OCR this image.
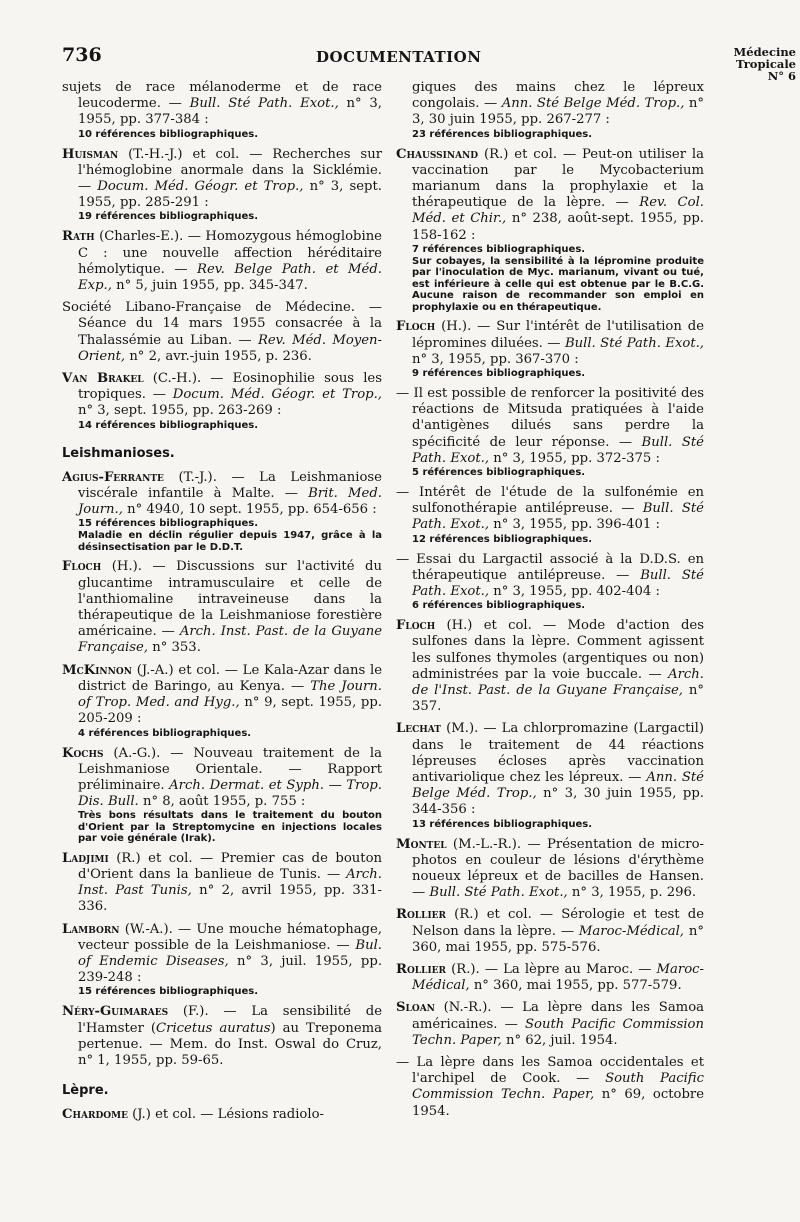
736	DOCUMENTATION	Médecine
Tropicale
N° 6

sujets de race mélanoderme et de race leucoderme. — Bull. Sté Path. Exot., n° 3, 1955, pp. 377-384 :
10 références bibliographiques.

Huisman (T.-H.-J.) et col. — Recherches sur l'hémoglobine anormale dans la Sicklémie. — Docum. Méd. Géogr. et Trop., n° 3, sept. 1955, pp. 285-291 :
19 références bibliographiques.

Rath (Charles-E.). — Homozygous hémoglobine C : une nouvelle affection héréditaire hémolytique. — Rev. Belge Path. et Méd. Exp., n° 5, juin 1955, pp. 345-347.

Société Libano-Française de Médecine. — Séance du 14 mars 1955 consacrée à la Thalassémie au Liban. — Rev. Méd. Moyen-Orient, n° 2, avr.-juin 1955, p. 236.

Van Brakel (C.-H.). — Eosinophilie sous les tropiques. — Docum. Méd. Géogr. et Trop., n° 3, sept. 1955, pp. 263-269 :
14 références bibliographiques.

Leishmanioses.

Agius-Ferrante (T.-J.). — La Leishmaniose viscérale infantile à Malte. — Brit. Med. Journ., n° 4940, 10 sept. 1955, pp. 654-656 :
15 références bibliographiques.
Maladie en déclin régulier depuis 1947, grâce à la désinsectisation par le D.D.T.

Floch (H.). — Discussions sur l'activité du glucantime intramusculaire et celle de l'anthiomaline intraveineuse dans la thérapeutique de la Leishmaniose forestière américaine. — Arch. Inst. Past. de la Guyane Française, n° 353.

McKinnon (J.-A.) et col. — Le Kala-Azar dans le district de Baringo, au Kenya. — The Journ. of Trop. Med. and Hyg., n° 9, sept. 1955, pp. 205-209 :
4 références bibliographiques.

Kochs (A.-G.). — Nouveau traitement de la Leishmaniose Orientale. — Rapport préliminaire. Arch. Dermat. et Syph. — Trop. Dis. Bull. n° 8, août 1955, p. 755 :
Très bons résultats dans le traitement du bouton d'Orient par la Streptomycine en injections locales par voie générale (Irak).

Ladjimi (R.) et col. — Premier cas de bouton d'Orient dans la banlieue de Tunis. — Arch. Inst. Past Tunis, n° 2, avril 1955, pp. 331-336.

Lamborn (W.-A.). — Une mouche hématophage, vecteur possible de la Leishmaniose. — Bul. of Endemic Diseases, n° 3, juil. 1955, pp. 239-248 :
15 références bibliographiques.

Néry-Guimaraes (F.). — La sensibilité de l'Hamster (Cricetus auratus) au Treponema pertenue. — Mem. do Inst. Oswal do Cruz, n° 1, 1955, pp. 59-65.

Lèpre.

Chardome (J.) et col. — Lésions radiolo-

giques des mains chez le lépreux congolais. — Ann. Sté Belge Méd. Trop., n° 3, 30 juin 1955, pp. 267-277 :
23 références bibliographiques.

Chaussinand (R.) et col. — Peut-on utiliser la vaccination par le Mycobacterium marianum dans la prophylaxie et la thérapeutique de la lèpre. — Rev. Col. Méd. et Chir., n° 238, août-sept. 1955, pp. 158-162 :
7 références bibliographiques.
Sur cobayes, la sensibilité à la lépromine produite par l'inoculation de Myc. marianum, vivant ou tué, est inférieure à celle qui est obtenue par le B.C.G. Aucune raison de recommander son emploi en prophylaxie ou en thérapeutique.

Floch (H.). — Sur l'intérêt de l'utilisation de lépromines diluées. — Bull. Sté Path. Exot., n° 3, 1955, pp. 367-370 :
9 références bibliographiques.

— Il est possible de renforcer la positivité des réactions de Mitsuda pratiquées à l'aide d'antigènes dilués sans perdre la spécificité de leur réponse. — Bull. Sté Path. Exot., n° 3, 1955, pp. 372-375 :
5 références bibliographiques.

— Intérêt de l'étude de la sulfonémie en sulfonothérapie antilépreuse. — Bull. Sté Path. Exot., n° 3, 1955, pp. 396-401 :
12 références bibliographiques.

— Essai du Largactil associé à la D.D.S. en thérapeutique antilépreuse. — Bull. Sté Path. Exot., n° 3, 1955, pp. 402-404 :
6 références bibliographiques.

Floch (H.) et col. — Mode d'action des sulfones dans la lèpre. Comment agissent les sulfones thymoles (argentiques ou non) administrées par la voie buccale. — Arch. de l'Inst. Past. de la Guyane Française, n° 357.

Lechat (M.). — La chlorpromazine (Largactil) dans le traitement de 44 réactions lépreuses écloses après vaccination antivariolique chez les lépreux. — Ann. Sté Belge Méd. Trop., n° 3, 30 juin 1955, pp. 344-356 :
13 références bibliographiques.

Montel (M.-L.-R.). — Présentation de micro-photos en couleur de lésions d'érythème noueux lépreux et de bacilles de Hansen. — Bull. Sté Path. Exot., n° 3, 1955, p. 296.

Rollier (R.) et col. — Sérologie et test de Nelson dans la lèpre. — Maroc-Médical, n° 360, mai 1955, pp. 575-576.

Rollier (R.). — La lèpre au Maroc. — Maroc-Médical, n° 360, mai 1955, pp. 577-579.

Sloan (N.-R.). — La lèpre dans les Samoa américaines. — South Pacific Commission Techn. Paper, n° 62, juil. 1954.

— La lèpre dans les Samoa occidentales et l'archipel de Cook. — South Pacific Commission Techn. Paper, n° 69, octobre 1954.
